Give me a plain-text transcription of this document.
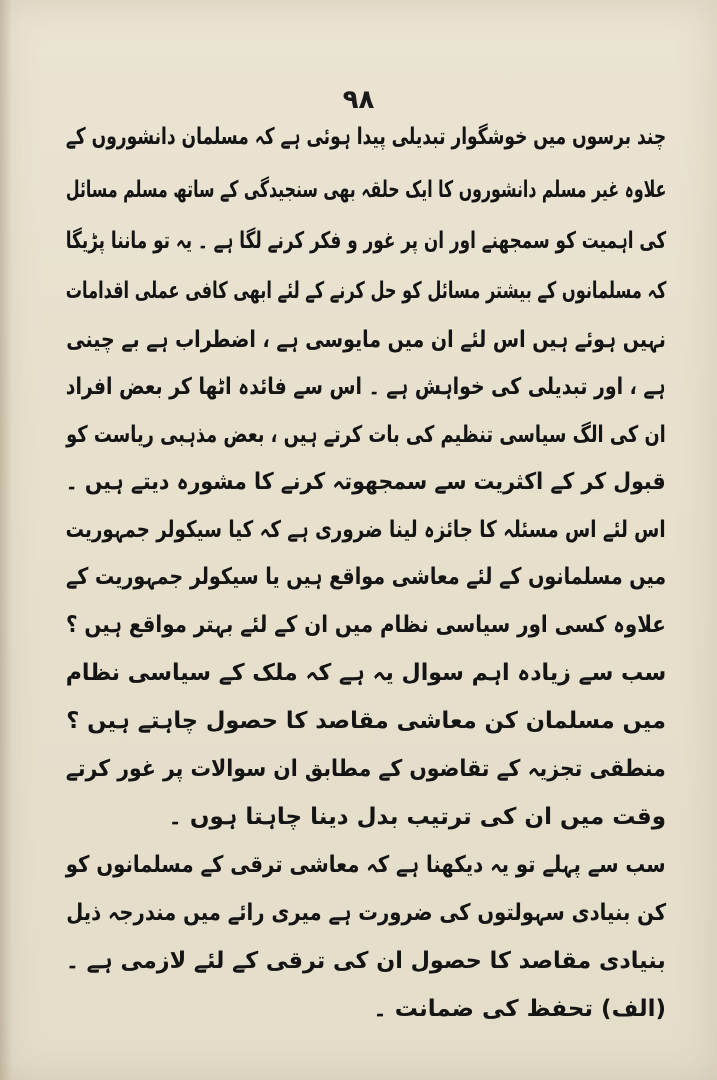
۹۸
چند برسوں میں خوشگوار تبدیلی پیدا ہوئی ہے کہ مسلمان دانشوروں کے
علاوہ غیر مسلم دانشوروں کا ایک حلقہ بھی سنجیدگی کے ساتھ مسلم مسائل
کی اہمیت کو سمجھنے اور ان پر غور و فکر کرنے لگا ہے ۔ یہ تو ماننا پڑیگا
کہ مسلمانوں کے بیشتر مسائل کو حل کرنے کے لئے ابھی کافی عملی اقدامات
نہیں ہوئے ہیں اس لئے ان میں مایوسی ہے ، اضطراب ہے بے چینی
ہے ، اور تبدیلی کی خواہش ہے ۔ اس سے فائدہ اٹھا کر بعض افراد
ان کی الگ سیاسی تنظیم کی بات کرتے ہیں ، بعض مذہبی ریاست کو
قبول کر کے اکثریت سے سمجھوتہ کرنے کا مشورہ دیتے ہیں ۔
اس لئے اس مسئلہ کا جائزہ لینا ضروری ہے کہ کیا سیکولر جمہوریت
میں مسلمانوں کے لئے معاشی مواقع ہیں یا سیکولر جمہوریت کے
علاوہ کسی اور سیاسی نظام میں ان کے لئے بہتر مواقع ہیں ؟
سب سے زیادہ اہم سوال یہ ہے کہ ملک کے سیاسی نظام
میں مسلمان کن معاشی مقاصد کا حصول چاہتے ہیں ؟
منطقی تجزیہ کے تقاضوں کے مطابق ان سوالات پر غور کرتے
وقت میں ان کی ترتیب بدل دینا چاہتا ہوں ۔
سب سے پہلے تو یہ دیکھنا ہے کہ معاشی ترقی کے مسلمانوں کو
کن بنیادی سہولتوں کی ضرورت ہے میری رائے میں مندرجہ ذیل
بنیادی مقاصد کا حصول ان کی ترقی کے لئے لازمی ہے ۔
(الف) تحفظ کی ضمانت ۔
